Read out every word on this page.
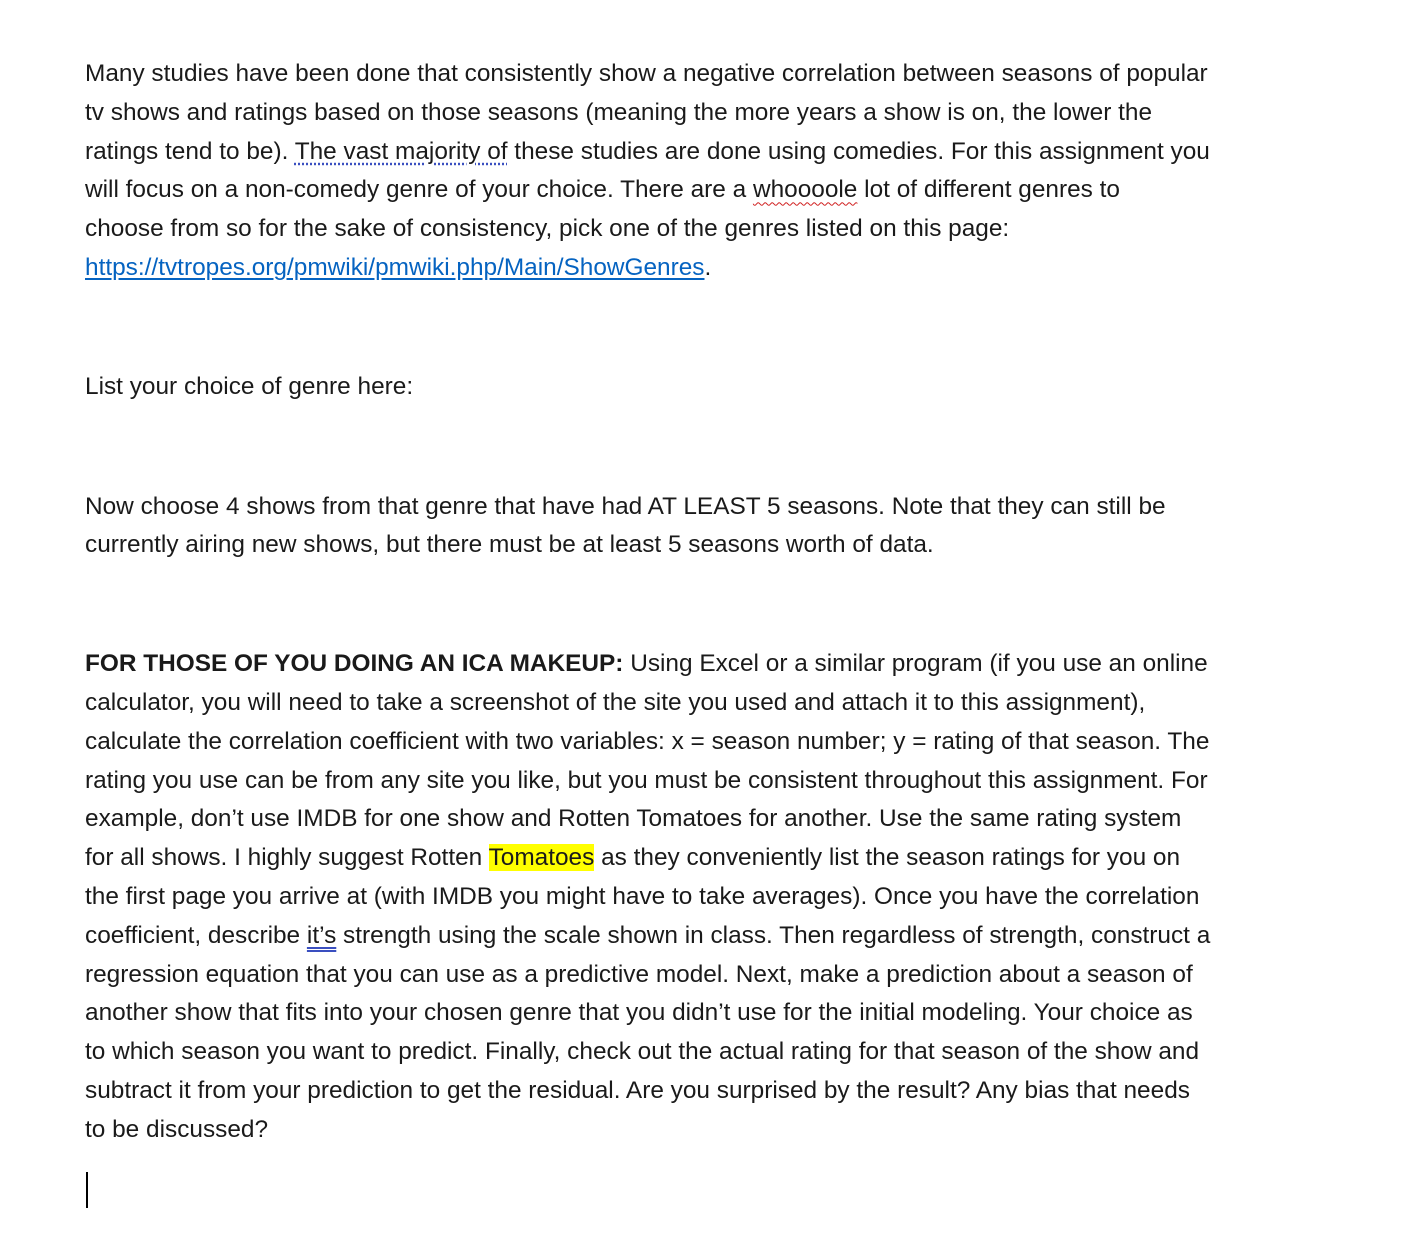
Many studies have been done that consistently show a negative correlation between seasons of popular
tv shows and ratings based on those seasons (meaning the more years a show is on, the lower the
ratings tend to be). The vast majority of these studies are done using comedies. For this assignment you
will focus on a non-comedy genre of your choice. There are a whoooole lot of different genres to
choose from so for the sake of consistency, pick one of the genres listed on this page:
https://tvtropes.org/pmwiki/pmwiki.php/Main/ShowGenres.

List your choice of genre here:

Now choose 4 shows from that genre that have had AT LEAST 5 seasons. Note that they can still be
currently airing new shows, but there must be at least 5 seasons worth of data.

FOR THOSE OF YOU DOING AN ICA MAKEUP: Using Excel or a similar program (if you use an online
calculator, you will need to take a screenshot of the site you used and attach it to this assignment),
calculate the correlation coefficient with two variables: x = season number; y = rating of that season. The
rating you use can be from any site you like, but you must be consistent throughout this assignment. For
example, don’t use IMDB for one show and Rotten Tomatoes for another. Use the same rating system
for all shows. I highly suggest Rotten Tomatoes as they conveniently list the season ratings for you on
the first page you arrive at (with IMDB you might have to take averages). Once you have the correlation
coefficient, describe it’s strength using the scale shown in class. Then regardless of strength, construct a
regression equation that you can use as a predictive model. Next, make a prediction about a season of
another show that fits into your chosen genre that you didn’t use for the initial modeling. Your choice as
to which season you want to predict. Finally, check out the actual rating for that season of the show and
subtract it from your prediction to get the residual. Are you surprised by the result? Any bias that needs
to be discussed?
